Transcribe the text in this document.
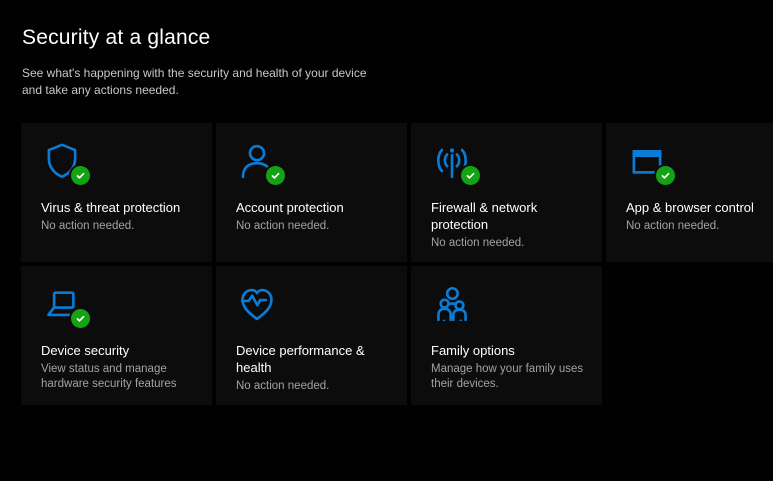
Security at a glance

See what's happening with the security and health of your device
and take any actions needed.

Virus & threat protection
No action needed.
Account protection
No action needed.
Firewall & network protection
No action needed.
App & browser control
No action needed.
Device security
View status and manage hardware security features
Device performance & health
No action needed.
Family options
Manage how your family uses their devices.
